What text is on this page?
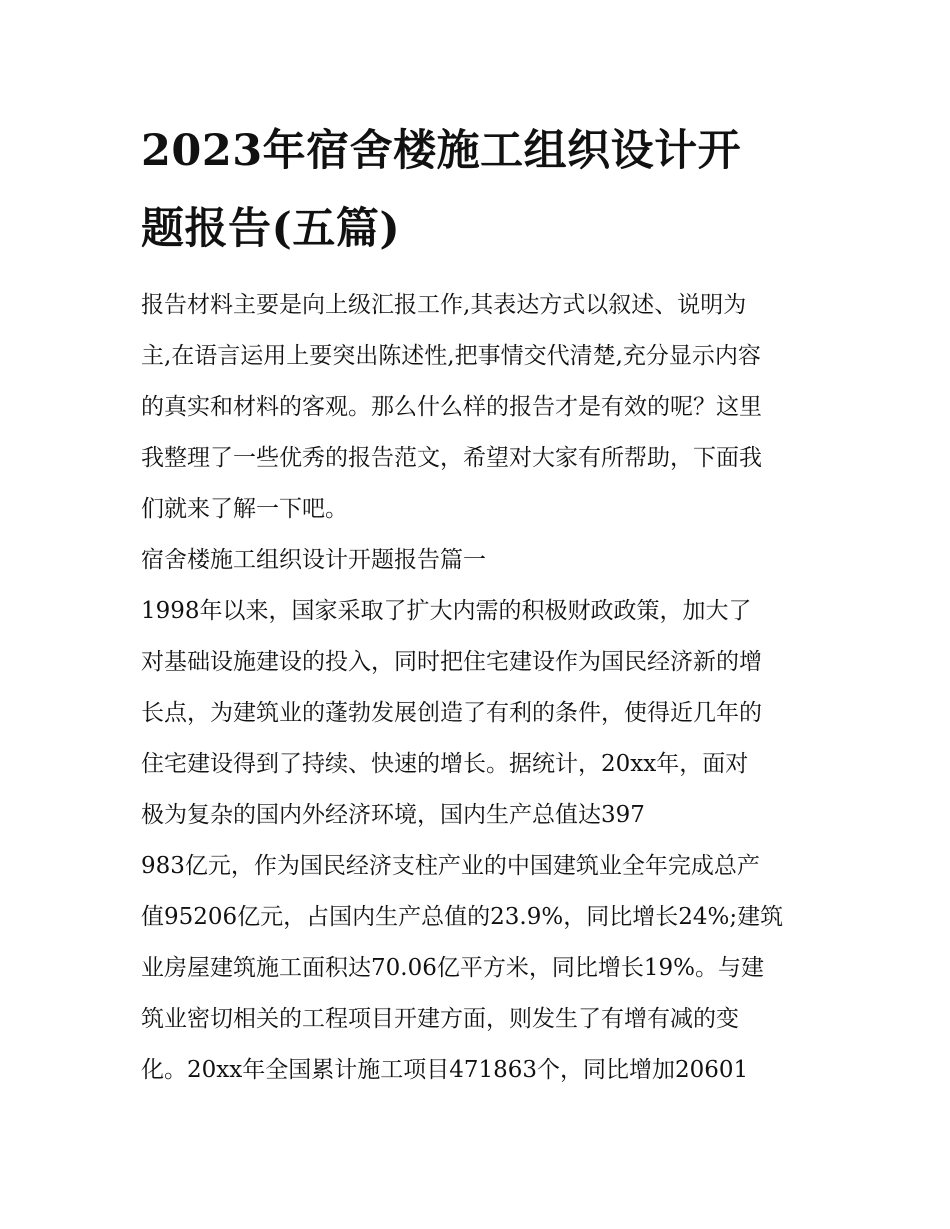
2023年宿舍楼施工组织设计开
题报告(五篇)
报告材料主要是向上级汇报工作,其表达方式以叙述、说明为
主,在语言运用上要突出陈述性,把事情交代清楚,充分显示内容
的真实和材料的客观。那么什么样的报告才是有效的呢？这里
我整理了一些优秀的报告范文，希望对大家有所帮助，下面我
们就来了解一下吧。
宿舍楼施工组织设计开题报告篇一
1998年以来，国家采取了扩大内需的积极财政政策，加大了
对基础设施建设的投入，同时把住宅建设作为国民经济新的增
长点，为建筑业的蓬勃发展创造了有利的条件，使得近几年的
住宅建设得到了持续、快速的增长。据统计，20xx年，面对
极为复杂的国内外经济环境，国内生产总值达397
983亿元，作为国民经济支柱产业的中国建筑业全年完成总产
值95206亿元，占国内生产总值的23.9%，同比增长24%;建筑
业房屋建筑施工面积达70.06亿平方米，同比增长19%。与建
筑业密切相关的工程项目开建方面，则发生了有增有减的变
化。20xx年全国累计施工项目471863个，同比增加20601
